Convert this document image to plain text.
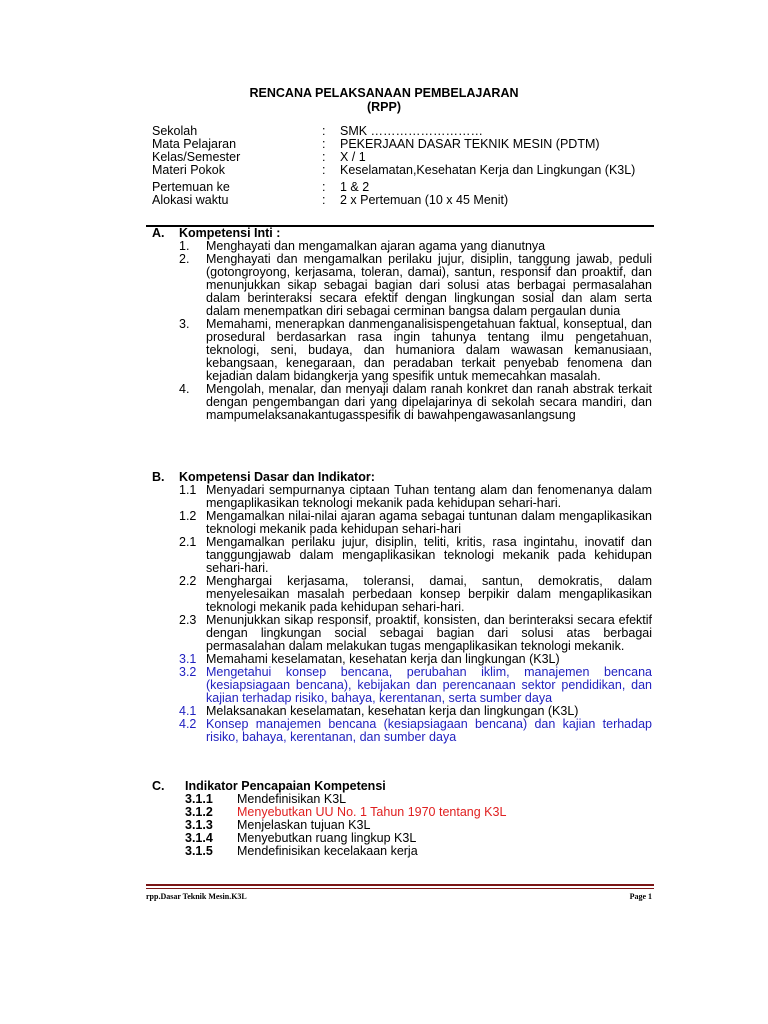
RENCANA PELAKSANAAN PEMBELAJARAN
(RPP)
Sekolah	:	SMK ………………………
Mata Pelajaran	:	PEKERJAAN DASAR TEKNIK MESIN (PDTM)
Kelas/Semester	:	X / 1
Materi Pokok	:	Keselamatan,Kesehatan Kerja dan Lingkungan (K3L)
Pertemuan ke	:	1 & 2
Alokasi waktu	:	2 x Pertemuan (10 x 45 Menit)
A.	Kompetensi Inti :
1.	Menghayati dan mengamalkan ajaran agama yang dianutnya
2.	Menghayati dan mengamalkan perilaku jujur, disiplin, tanggung jawab, peduli (gotongroyong, kerjasama, toleran, damai), santun, responsif dan proaktif, dan menunjukkan sikap sebagai bagian dari solusi atas berbagai permasalahan dalam berinteraksi secara efektif dengan lingkungan sosial dan alam serta dalam menempatkan diri sebagai cerminan bangsa dalam pergaulan dunia
3.	Memahami, menerapkan danmenganalisispengetahuan faktual, konseptual, dan prosedural berdasarkan rasa ingin tahunya tentang ilmu pengetahuan, teknologi, seni, budaya, dan humaniora dalam wawasan kemanusiaan, kebangsaan, kenegaraan, dan peradaban terkait penyebab fenomena dan kejadian dalam bidangkerja yang spesifik untuk memecahkan masalah.
4.	Mengolah, menalar, dan menyaji dalam ranah konkret dan ranah abstrak terkait dengan pengembangan dari yang dipelajarinya di sekolah secara mandiri, dan mampumelaksanakantugasspesifik di bawahpengawasanlangsung
B.	Kompetensi Dasar dan Indikator:
1.1 Menyadari sempurnanya ciptaan Tuhan tentang alam dan fenomenanya dalam mengaplikasikan teknologi mekanik pada kehidupan sehari-hari.
1.2 Mengamalkan nilai-nilai ajaran agama sebagai tuntunan dalam mengaplikasikan teknologi mekanik pada kehidupan sehari-hari
2.1 Mengamalkan perilaku jujur, disiplin, teliti, kritis, rasa ingintahu, inovatif dan tanggungjawab dalam mengaplikasikan teknologi mekanik pada kehidupan sehari-hari.
2.2 Menghargai kerjasama, toleransi, damai, santun, demokratis, dalam menyelesaikan masalah perbedaan konsep berpikir dalam mengaplikasikan teknologi mekanik pada kehidupan sehari-hari.
2.3 Menunjukkan sikap responsif, proaktif, konsisten, dan berinteraksi secara efektif dengan lingkungan social sebagai bagian dari solusi atas berbagai permasalahan dalam melakukan tugas mengaplikasikan teknologi mekanik.
3.1 Memahami keselamatan, kesehatan kerja dan lingkungan (K3L)
3.2 Mengetahui konsep bencana, perubahan iklim, manajemen bencana (kesiapsiagaan bencana), kebijakan dan perencanaan sektor pendidikan, dan kajian terhadap risiko, bahaya, kerentanan, serta sumber daya
4.1 Melaksanakan keselamatan, kesehatan kerja dan lingkungan (K3L)
4.2 Konsep manajemen bencana (kesiapsiagaan bencana) dan kajian terhadap risiko, bahaya, kerentanan, dan sumber daya
C.	Indikator Pencapaian Kompetensi
3.1.1	Mendefinisikan K3L
3.1.2	Menyebutkan UU No. 1 Tahun 1970 tentang K3L
3.1.3	Menjelaskan tujuan K3L
3.1.4	Menyebutkan ruang lingkup K3L
3.1.5	Mendefinisikan kecelakaan kerja
rpp.Dasar Teknik Mesin.K3L	Page 1
